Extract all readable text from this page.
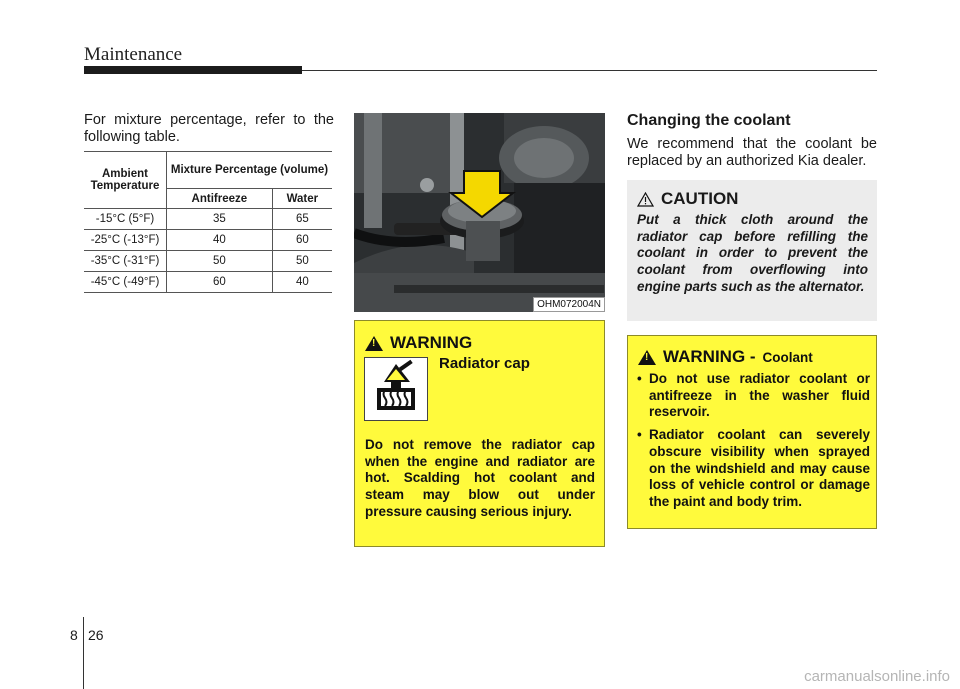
Maintenance
For mixture percentage, refer to the following table.
Ambient Temperature	Mixture Percentage (volume)	
	Antifreeze	Water
-15°C (5°F)	35	65
-25°C (-13°F)	40	60
-35°C (-31°F)	50	50
-45°C (-49°F)	60	40
OHM072004N
!
WARNING
Radiator cap
Do not remove the radiator cap when the engine and radiator are hot. Scalding hot coolant and steam may blow out under pressure causing serious injury.
Changing the coolant
We recommend that the coolant be replaced by an authorized Kia dealer.
CAUTION
Put a thick cloth around the radiator cap before refilling the coolant in order to prevent the coolant from overflowing into engine parts such as the alternator.
!
WARNING - Coolant
• Do not use radiator coolant or antifreeze in the washer fluid reservoir.
• Radiator coolant can severely obscure visibility when sprayed on the windshield and may cause loss of vehicle control or damage the paint and body trim.
8 26
carmanualsonline.info
